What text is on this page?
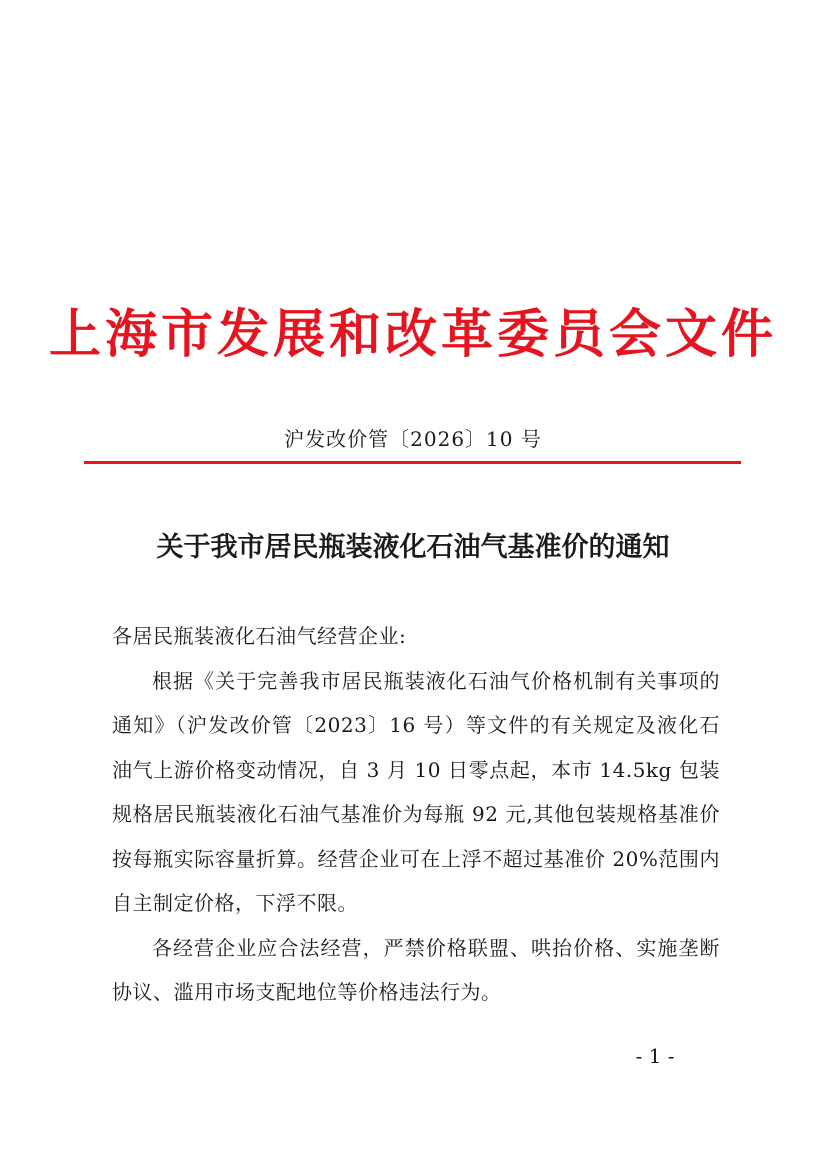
上海市发展和改革委员会文件
沪发改价管〔2026〕10 号
关于我市居民瓶装液化石油气基准价的通知

各居民瓶装液化石油气经营企业:

根据《关于完善我市居民瓶装液化石油气价格机制有关事项的通知》（沪发改价管〔2023〕16 号）等文件的有关规定及液化石油气上游价格变动情况，自 3 月 10 日零点起，本市 14.5kg 包装规格居民瓶装液化石油气基准价为每瓶 92 元,其他包装规格基准价按每瓶实际容量折算。经营企业可在上浮不超过基准价 20%范围内自主制定价格，下浮不限。

各经营企业应合法经营，严禁价格联盟、哄抬价格、实施垄断协议、滥用市场支配地位等价格违法行为。

- 1 -
